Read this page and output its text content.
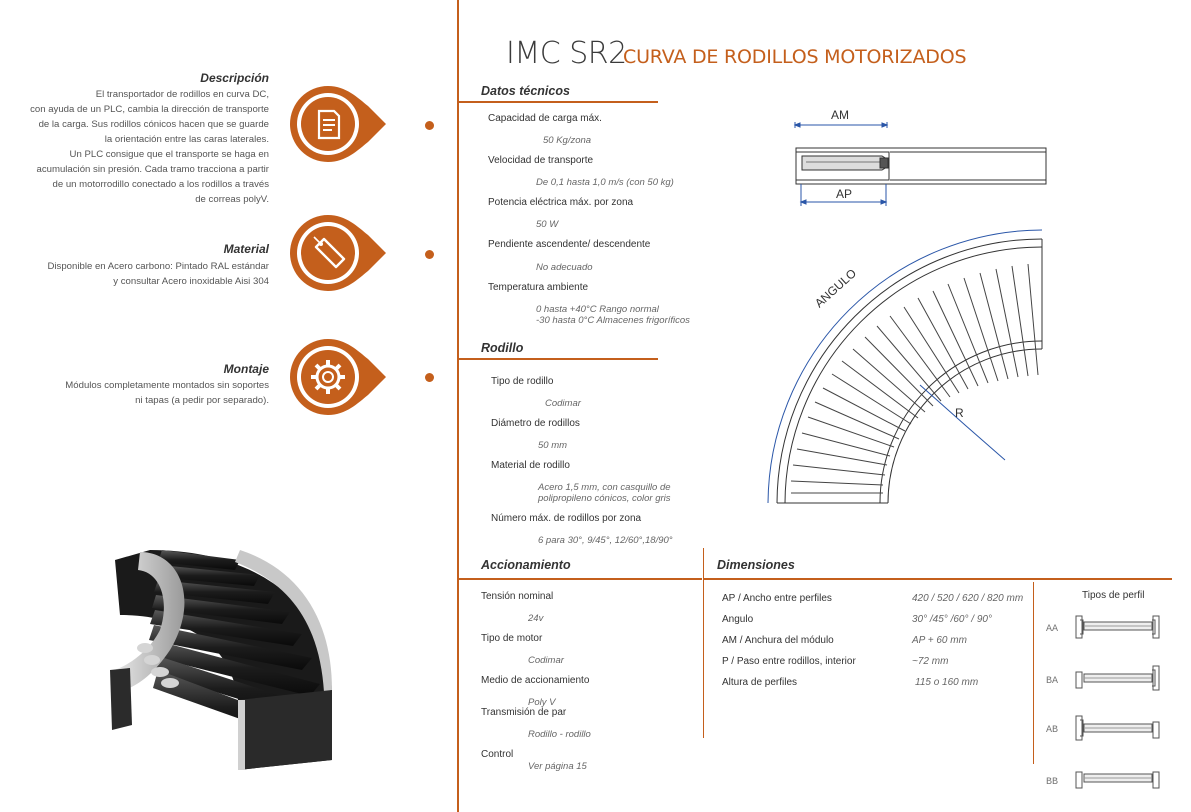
Descripción
El transportador de rodillos en curva DC,
con ayuda de un PLC, cambia la dirección de transporte
de la carga. Sus rodillos cónicos hacen que se guarde
la orientación entre las caras laterales.
Un PLC consigue que el transporte se haga en
acumulación sin presión. Cada tramo tracciona a partir
de un motorrodillo conectado a los rodillos a través
de correas polyV.
Material
Disponible en Acero carbono: Pintado RAL estándar
y consultar Acero inoxidable Aisi 304
Montaje
Módulos completamente montados sin soportes
ni tapas (a pedir por separado).
IMC SR2
CURVA DE RODILLOS MOTORIZADOS
Datos técnicos
Capacidad de carga máx.
50 Kg/zona
Velocidad de transporte
De 0,1 hasta 1,0 m/s (con 50 kg)
Potencia eléctrica máx. por zona
50 W
Pendiente ascendente/ descendente
No adecuado
Temperatura ambiente
0 hasta +40°C Rango normal
-30 hasta 0°C Almacenes frigoríficos
Rodillo
Tipo de rodillo
Codimar
Diámetro de rodillos
50 mm
Material de rodillo
Acero 1,5 mm, con casquillo de
polipropileno cónicos, color gris
Número máx. de rodillos por zona
6 para 30°, 9/45°, 12/60°,18/90°
Accionamiento
Tensión nominal
24v
Tipo de motor
Codimar
Medio de accionamiento
Poly V
Transmisión de par
Rodillo - rodillo
Control
Ver página 15
Dimensiones
AP / Ancho entre perfiles	420 / 520 / 620 / 820 mm
Angulo	30° /45° /60° / 90°
AM / Anchura del módulo	AP + 60 mm
P / Paso entre rodillos, interior	~72 mm
Altura de perfiles	115 o 160 mm
Tipos de perfil
AA
BA
AB
BB
AM
AP
ANGULO
R
